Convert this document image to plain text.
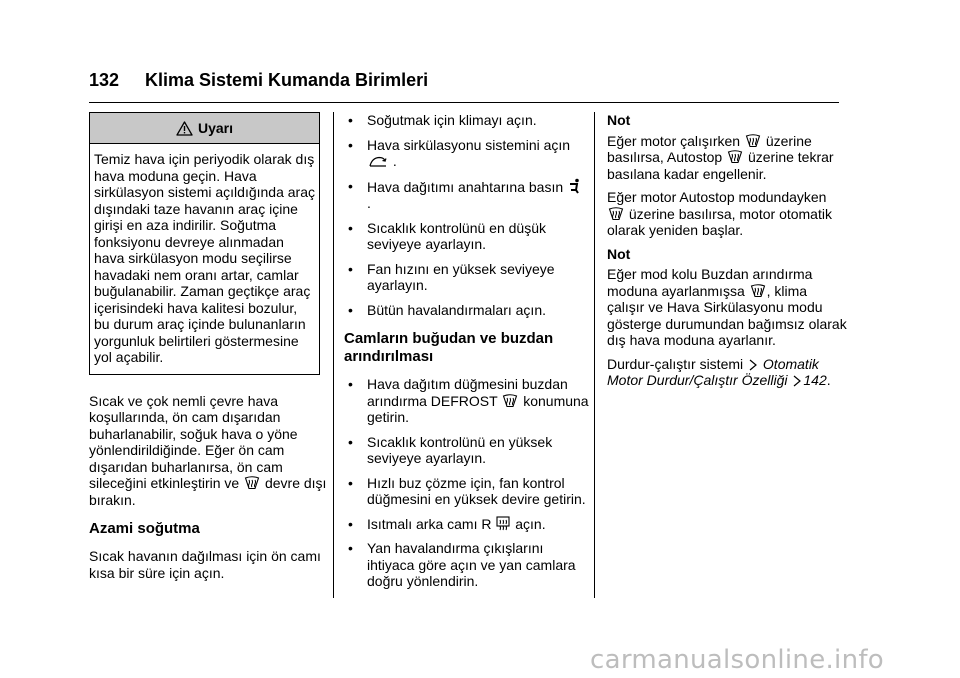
132 Klima Sistemi Kumanda Birimleri
Uyarı
Temiz hava için periyodik olarak dış hava moduna geçin. Hava sirkülasyon sistemi açıldığında araç dışındaki taze havanın araç içine girişi en aza indirilir. Soğutma fonksiyonu devreye alınmadan hava sirkülasyon modu seçilirse havadaki nem oranı artar, camlar buğulanabilir. Zaman geçtikçe araç içerisindeki hava kalitesi bozulur, bu durum araç içinde bulunanların yorgunluk belirtileri göstermesine yol açabilir.

Sıcak ve çok nemli çevre hava koşullarında, ön cam dışarıdan buharlanabilir, soğuk hava o yöne yönlendirildiğinde. Eğer ön cam dışarıdan buharlanırsa, ön cam sileceğini etkinleştirin ve devre dışı bırakın.

Azami soğutma

Sıcak havanın dağılması için ön camı kısa bir süre için açın.

• Soğutmak için klimayı açın.
• Hava sirkülasyonu sistemini açın  .
• Hava dağıtımı anahtarına basın  .
• Sıcaklık kontrolünü en düşük seviyeye ayarlayın.
• Fan hızını en yüksek seviyeye ayarlayın.
• Bütün havalandırmaları açın.
Camların buğudan ve buzdan arındırılması
• Hava dağıtım düğmesini buzdan arındırma DEFROST konumuna getirin.
• Sıcaklık kontrolünü en yüksek seviyeye ayarlayın.
• Hızlı buz çözme için, fan kontrol düğmesini en yüksek devire getirin.
• Isıtmalı arka camı R açın.
• Yan havalandırma çıkışlarını ihtiyaca göre açın ve yan camlara doğru yönlendirin.
Not

Eğer motor çalışırken üzerine basılırsa, Autostop üzerine tekrar basılana kadar engellenir.

Eğer motor Autostop modundayken  üzerine basılırsa, motor otomatik olarak yeniden başlar.

Not

Eğer mod kolu Buzdan arındırma moduna ayarlanmışsa , klima çalışır ve Hava Sirkülasyonu modu gösterge durumundan bağımsız olarak dış hava moduna ayarlanır.

Durdur-çalıştır sistemi Otomatik Motor Durdur/Çalıştır Özelliği 142.

carmanualsonline.info
